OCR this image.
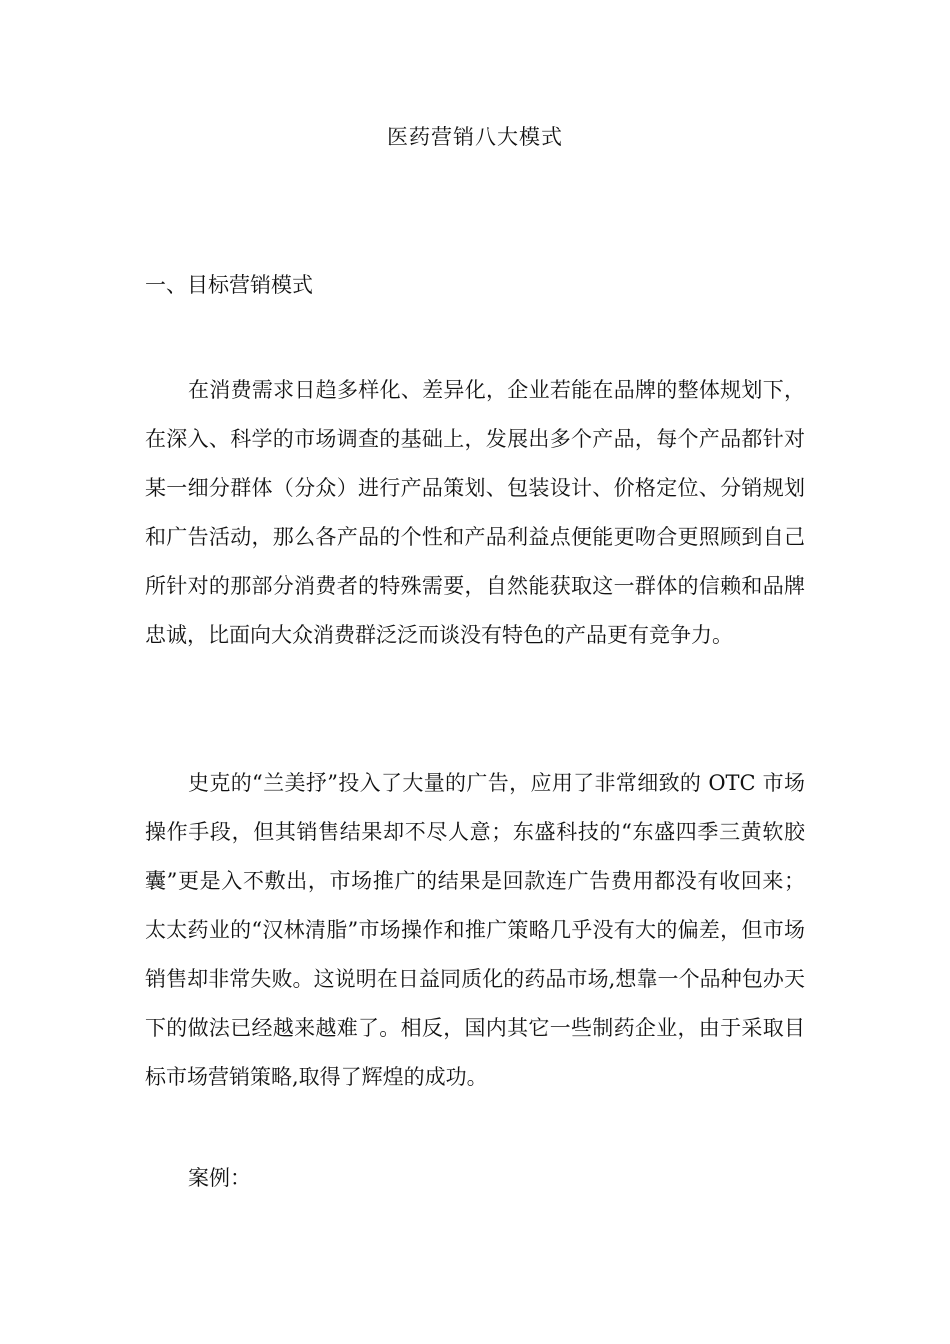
医药营销八大模式
一、目标营销模式

在消费需求日趋多样化、差异化，企业若能在品牌的整体规划下，在深入、科学的市场调查的基础上，发展出多个产品，每个产品都针对某一细分群体（分众）进行产品策划、包装设计、价格定位、分销规划和广告活动，那么各产品的个性和产品利益点便能更吻合更照顾到自己所针对的那部分消费者的特殊需要，自然能获取这一群体的信赖和品牌忠诚，比面向大众消费群泛泛而谈没有特色的产品更有竞争力。

史克的“兰美抒”投入了大量的广告，应用了非常细致的 OTC 市场操作手段，但其销售结果却不尽人意；东盛科技的“东盛四季三黄软胶囊”更是入不敷出，市场推广的结果是回款连广告费用都没有收回来；太太药业的“汉林清脂”市场操作和推广策略几乎没有大的偏差，但市场销售却非常失败。这说明在日益同质化的药品市场,想靠一个品种包办天下的做法已经越来越难了。相反，国内其它一些制药企业，由于采取目标市场营销策略,取得了辉煌的成功。

案例：
